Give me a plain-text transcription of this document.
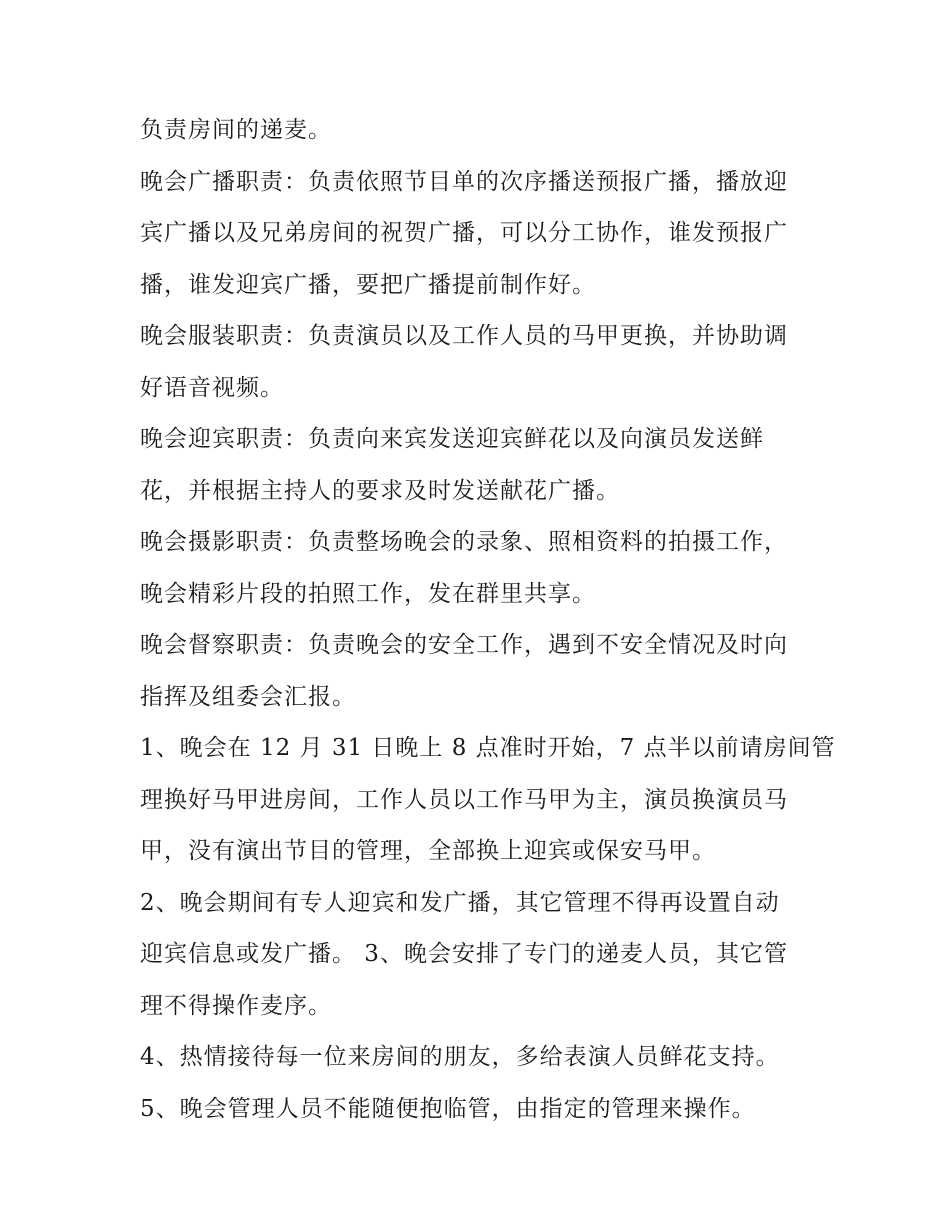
负责房间的递麦。
晚会广播职责：负责依照节目单的次序播送预报广播，播放迎
宾广播以及兄弟房间的祝贺广播，可以分工协作，谁发预报广
播，谁发迎宾广播，要把广播提前制作好。
晚会服装职责：负责演员以及工作人员的马甲更换，并协助调
好语音视频。
晚会迎宾职责：负责向来宾发送迎宾鲜花以及向演员发送鲜
花，并根据主持人的要求及时发送献花广播。
晚会摄影职责：负责整场晚会的录象、照相资料的拍摄工作，
晚会精彩片段的拍照工作，发在群里共享。
晚会督察职责：负责晚会的安全工作，遇到不安全情况及时向
指挥及组委会汇报。
1、晚会在 12 月 31 日晚上 8 点准时开始，7 点半以前请房间管
理换好马甲进房间，工作人员以工作马甲为主，演员换演员马
甲，没有演出节目的管理，全部换上迎宾或保安马甲。
2、晚会期间有专人迎宾和发广播，其它管理不得再设置自动
迎宾信息或发广播。 3、晚会安排了专门的递麦人员，其它管
理不得操作麦序。
4、热情接待每一位来房间的朋友，多给表演人员鲜花支持。
5、晚会管理人员不能随便抱临管，由指定的管理来操作。
